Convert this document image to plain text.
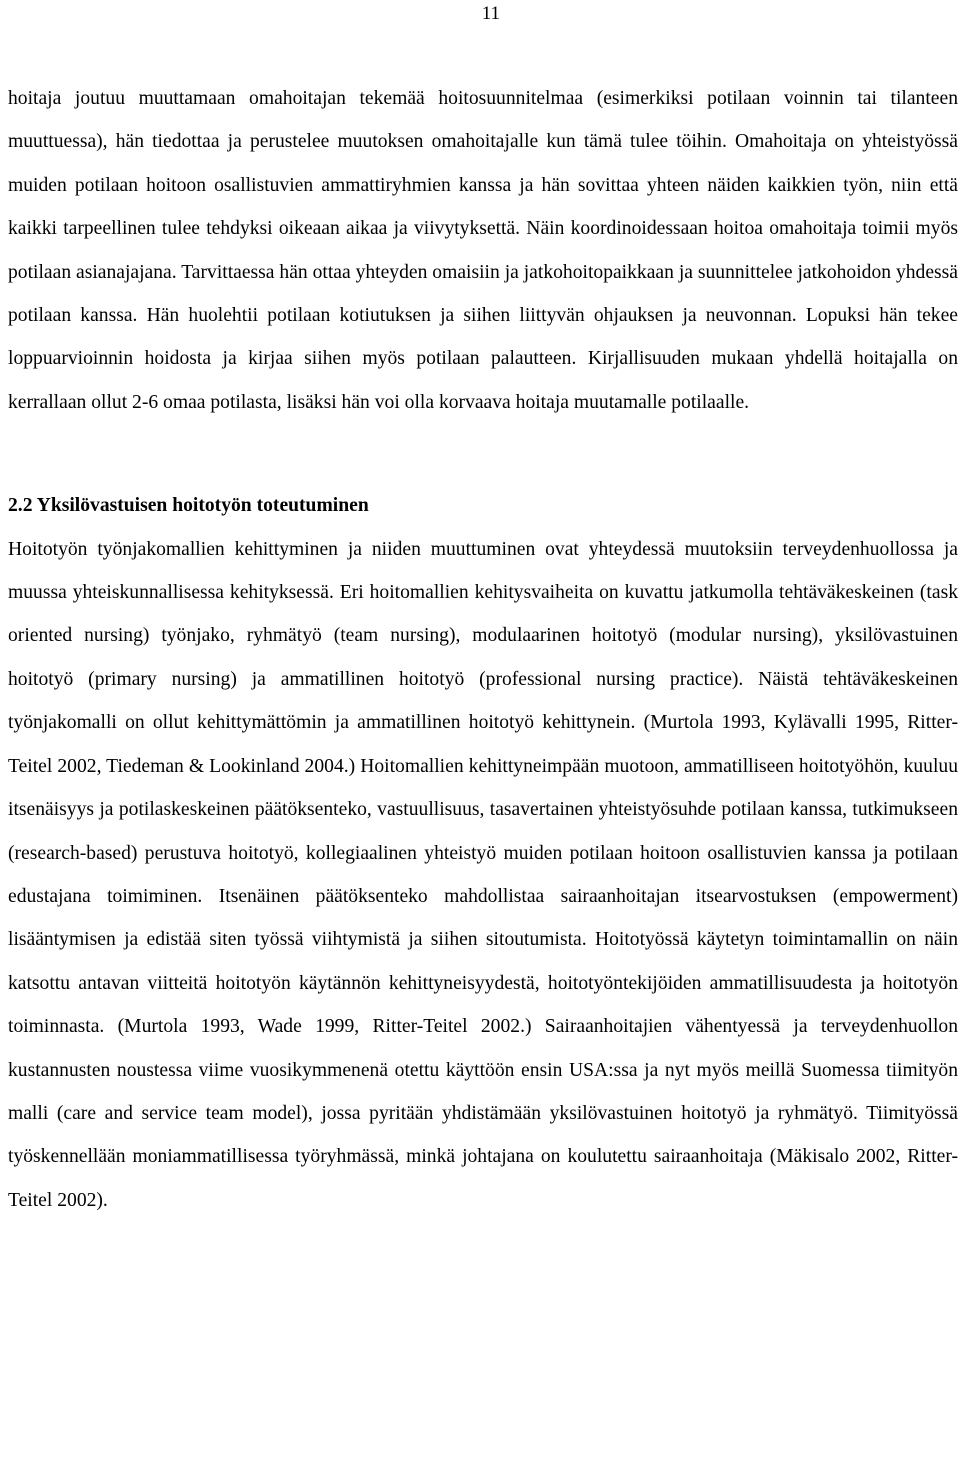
11

hoitaja joutuu muuttamaan omahoitajan tekemää hoitosuunnitelmaa (esimerkiksi potilaan voinnin tai tilanteen muuttuessa), hän tiedottaa ja perustelee muutoksen omahoitajalle kun tämä tulee töihin. Omahoitaja on yhteistyössä muiden potilaan hoitoon osallistuvien ammattiryhmien kanssa ja hän sovittaa yhteen näiden kaikkien työn, niin että kaikki tarpeellinen tulee tehdyksi oikeaan aikaa ja viivytyksettä. Näin koordinoidessaan hoitoa omahoitaja toimii myös potilaan asianajajana. Tarvittaessa hän ottaa yhteyden omaisiin ja jatkohoitopaikkaan ja suunnittelee jatkohoidon yhdessä potilaan kanssa. Hän huolehtii potilaan kotiutuksen ja siihen liittyvän ohjauksen ja neuvonnan. Lopuksi hän tekee loppuarvioinnin hoidosta ja kirjaa siihen myös potilaan palautteen. Kirjallisuuden mukaan yhdellä hoitajalla on kerrallaan ollut 2-6 omaa potilasta, lisäksi hän voi olla korvaava hoitaja muutamalle potilaalle.

2.2 Yksilövastuisen hoitotyön toteutuminen

Hoitotyön työnjakomallien kehittyminen ja niiden muuttuminen ovat yhteydessä muutoksiin terveydenhuollossa ja muussa yhteiskunnallisessa kehityksessä. Eri hoitomallien kehitysvaiheita on kuvattu jatkumolla tehtäväkeskeinen (task oriented nursing) työnjako, ryhmätyö (team nursing), modulaarinen hoitotyö (modular nursing), yksilövastuinen hoitotyö (primary nursing) ja ammatillinen hoitotyö (professional nursing practice). Näistä tehtäväkeskeinen työnjakomalli on ollut kehittymättömin ja ammatillinen hoitotyö kehittynein. (Murtola 1993, Kylävalli 1995, Ritter-Teitel 2002, Tiedeman & Lookinland 2004.) Hoitomallien kehittyneimpään muotoon, ammatilliseen hoitotyöhön, kuuluu itsenäisyys ja potilaskeskeinen päätöksenteko, vastuullisuus, tasavertainen yhteistyösuhde potilaan kanssa, tutkimukseen (research-based) perustuva hoitotyö, kollegiaalinen yhteistyö muiden potilaan hoitoon osallistuvien kanssa ja potilaan edustajana toimiminen. Itsenäinen päätöksenteko mahdollistaa sairaanhoitajan itsearvostuksen (empowerment) lisääntymisen ja edistää siten työssä viihtymistä ja siihen sitoutumista. Hoitotyössä käytetyn toimintamallin on näin katsottu antavan viitteitä hoitotyön käytännön kehittyneisyydestä, hoitotyöntekijöiden ammatillisuudesta ja hoitotyön toiminnasta. (Murtola 1993, Wade 1999, Ritter-Teitel 2002.) Sairaanhoitajien vähentyessä ja terveydenhuollon kustannusten noustessa viime vuosikymmenenä otettu käyttöön ensin USA:ssa ja nyt myös meillä Suomessa tiimityön malli (care and service team model), jossa pyritään yhdistämään yksilövastuinen hoitotyö ja ryhmätyö. Tiimityössä työskennellään moniammatillisessa työryhmässä, minkä johtajana on koulutettu sairaanhoitaja (Mäkisalo 2002, Ritter-Teitel 2002).
